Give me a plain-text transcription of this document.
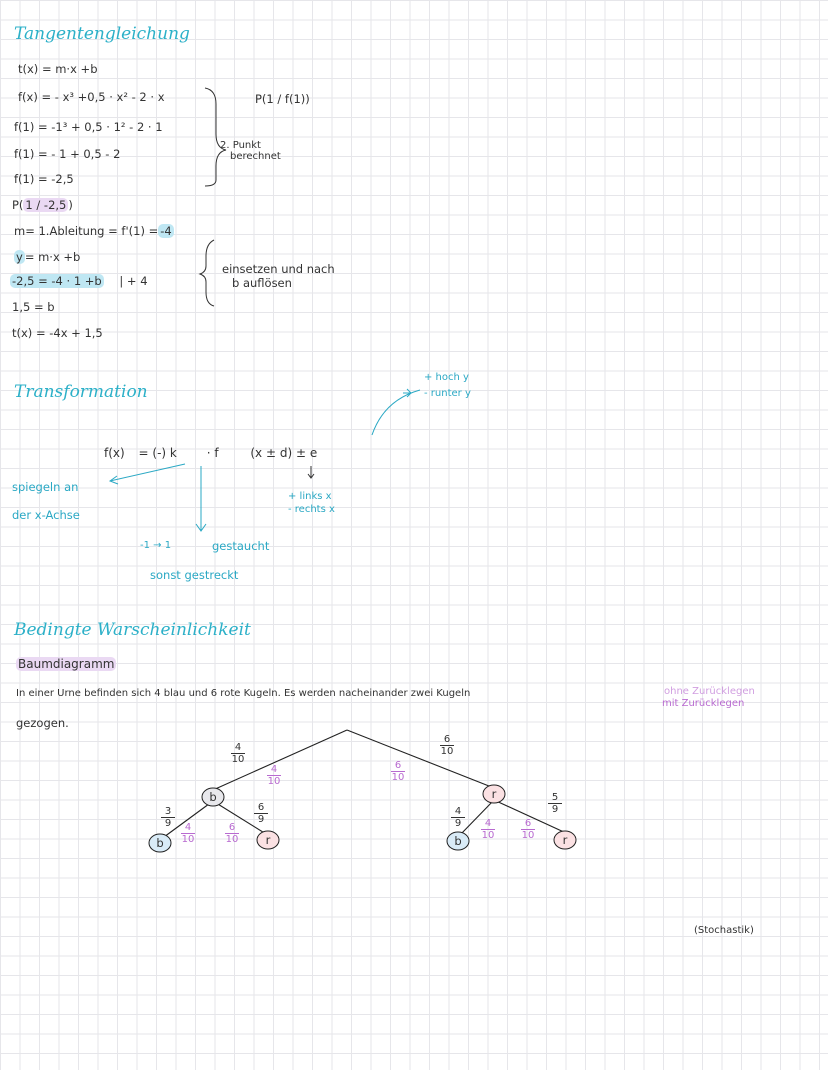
Tangentengleichung
t(x) = m·x +b
f(x) = - x³ +0,5 · x² - 2 · x	P(1 / f(1))
f(1) = -1³ + 0,5 · 1² - 2 · 1
2. Punkt
berechnet
f(1) = - 1 + 0,5 - 2
f(1) = -2,5
P( 1 / -2,5 )
m= 1.Ableitung = f'(1) = -4
y = m·x +b
-2,5 = -4 · 1 +b | + 4
einsetzen und nach
b auflösen
1,5 = b
t(x) = -4x + 1,5
Transformation
+ hoch y
- runter y
f(x) = (-) k · f	(x ± d) ± e
+ links x
- rechts x
spiegeln an
der x-Achse
-1 → 1	gestaucht
sonst gestreckt
Bedingte Warscheinlichkeit
Baumdiagramm
In einer Urne befinden sich 4 blau und 6 rote Kugeln. Es werden nacheinander zwei Kugeln	ohne Zurücklegen
mit Zurücklegen
gezogen.
4
10
6
10
4
10
6
10
3
9	4
10
6
10
6
9
4
9	4
10
6
10
5
9
b	r
b	r	b	r
(Stochastik)
